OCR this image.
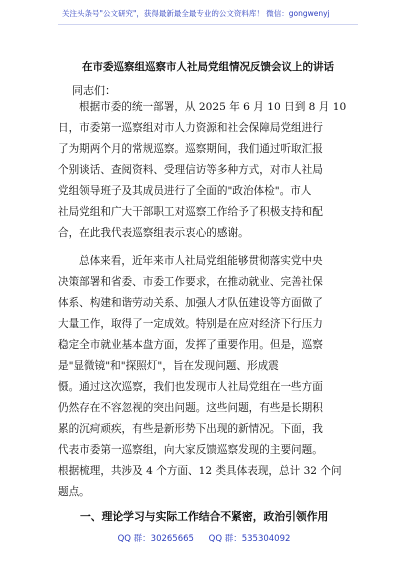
关注头条号"公文研究"，获得最新最全最专业的公文资料库！ 微信：gongwenyj
在市委巡察组巡察市人社局党组情况反馈会议上的讲话
同志们：
根据市委的统一部署，从 2025 年 6 月 10 日到 8 月 10
日，市委第一巡察组对市人力资源和社会保障局党组进行
了为期两个月的常规巡察。巡察期间，我们通过听取汇报
个别谈话、查阅资料、受理信访等多种方式，对市人社局
党组领导班子及其成员进行了全面的"政治体检"。市人
社局党组和广大干部职工对巡察工作给予了积极支持和配
合，在此我代表巡察组表示衷心的感谢。
总体来看，近年来市人社局党组能够贯彻落实党中央
决策部署和省委、市委工作要求，在推动就业、完善社保
体系、构建和谐劳动关系、加强人才队伍建设等方面做了
大量工作，取得了一定成效。特别是在应对经济下行压力
稳定全市就业基本盘方面，发挥了重要作用。但是，巡察
是"显微镜"和"探照灯"，旨在发现问题、形成震
慑。通过这次巡察，我们也发现市人社局党组在一些方面
仍然存在不容忽视的突出问题。这些问题，有些是长期积
累的沉疴顽疾，有些是新形势下出现的新情况。下面，我
代表市委第一巡察组，向大家反馈巡察发现的主要问题。
根据梳理，共涉及 4 个方面、12 类具体表现，总计 32 个问
题点。
一、理论学习与实际工作结合不紧密，政治引领作用
QQ 群：30265665 QQ 群：535304092
